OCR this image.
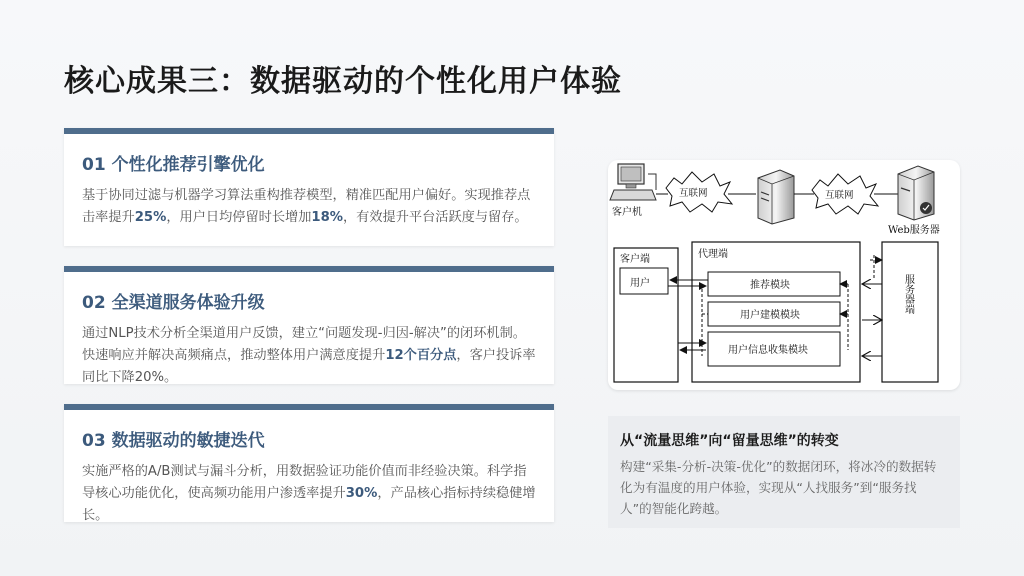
核心成果三：数据驱动的个性化用户体验
01 个性化推荐引擎优化

基于协同过滤与机器学习算法重构推荐模型，精准匹配用户偏好。实现推荐点击率提升25%，用户日均停留时长增加18%，有效提升平台活跃度与留存。

02 全渠道服务体验升级

通过NLP技术分析全渠道用户反馈，建立“问题发现-归因-解决”的闭环机制。快速响应并解决高频痛点，推动整体用户满意度提升12个百分点，客户投诉率同比下降20%。

03 数据驱动的敏捷迭代

实施严格的A/B测试与漏斗分析，用数据验证功能价值而非经验决策。科学指导核心功能优化，使高频功能用户渗透率提升30%，产品核心指标持续稳健增长。

客户机
互联网	互联网
Web服务器
客户端
用户
代理端
推荐模块
用户建模模块
用户信息收集模块
服务器端
从“流量思维”向“留量思维”的转变

构建“采集-分析-决策-优化”的数据闭环，将冰冷的数据转化为有温度的用户体验，实现从“人找服务”到“服务找人”的智能化跨越。
